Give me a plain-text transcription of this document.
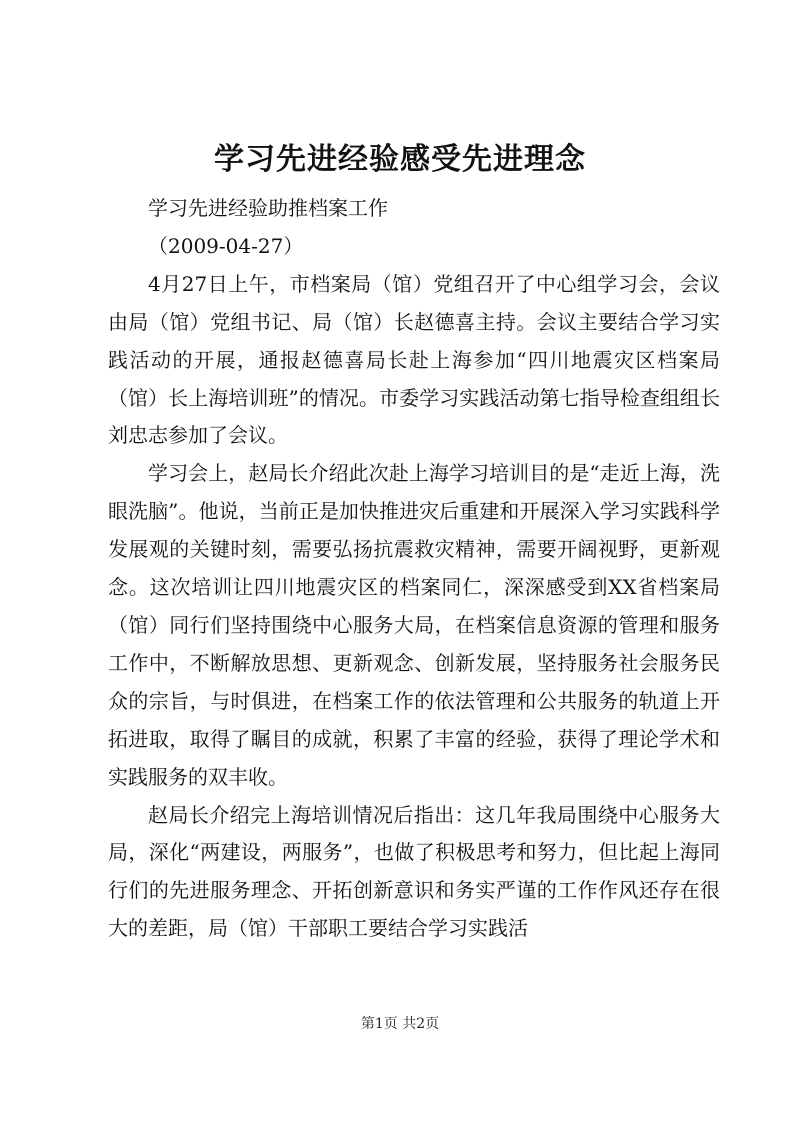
学习先进经验感受先进理念

学习先进经验助推档案工作

（2009-04-27）

4月27日上午，市档案局（馆）党组召开了中心组学习会，会议由局（馆）党组书记、局（馆）长赵德喜主持。会议主要结合学习实践活动的开展，通报赵德喜局长赴上海参加“四川地震灾区档案局（馆）长上海培训班”的情况。市委学习实践活动第七指导检查组组长刘忠志参加了会议。

学习会上，赵局长介绍此次赴上海学习培训目的是“走近上海，洗眼洗脑”。他说，当前正是加快推进灾后重建和开展深入学习实践科学发展观的关键时刻，需要弘扬抗震救灾精神，需要开阔视野，更新观念。这次培训让四川地震灾区的档案同仁，深深感受到XX省档案局（馆）同行们坚持围绕中心服务大局，在档案信息资源的管理和服务工作中，不断解放思想、更新观念、创新发展，坚持服务社会服务民众的宗旨，与时俱进，在档案工作的依法管理和公共服务的轨道上开拓进取，取得了瞩目的成就，积累了丰富的经验，获得了理论学术和实践服务的双丰收。

赵局长介绍完上海培训情况后指出：这几年我局围绕中心服务大局，深化“两建设，两服务”，也做了积极思考和努力，但比起上海同行们的先进服务理念、开拓创新意识和务实严谨的工作作风还存在很大的差距，局（馆）干部职工要结合学习实践活

第1页 共2页
